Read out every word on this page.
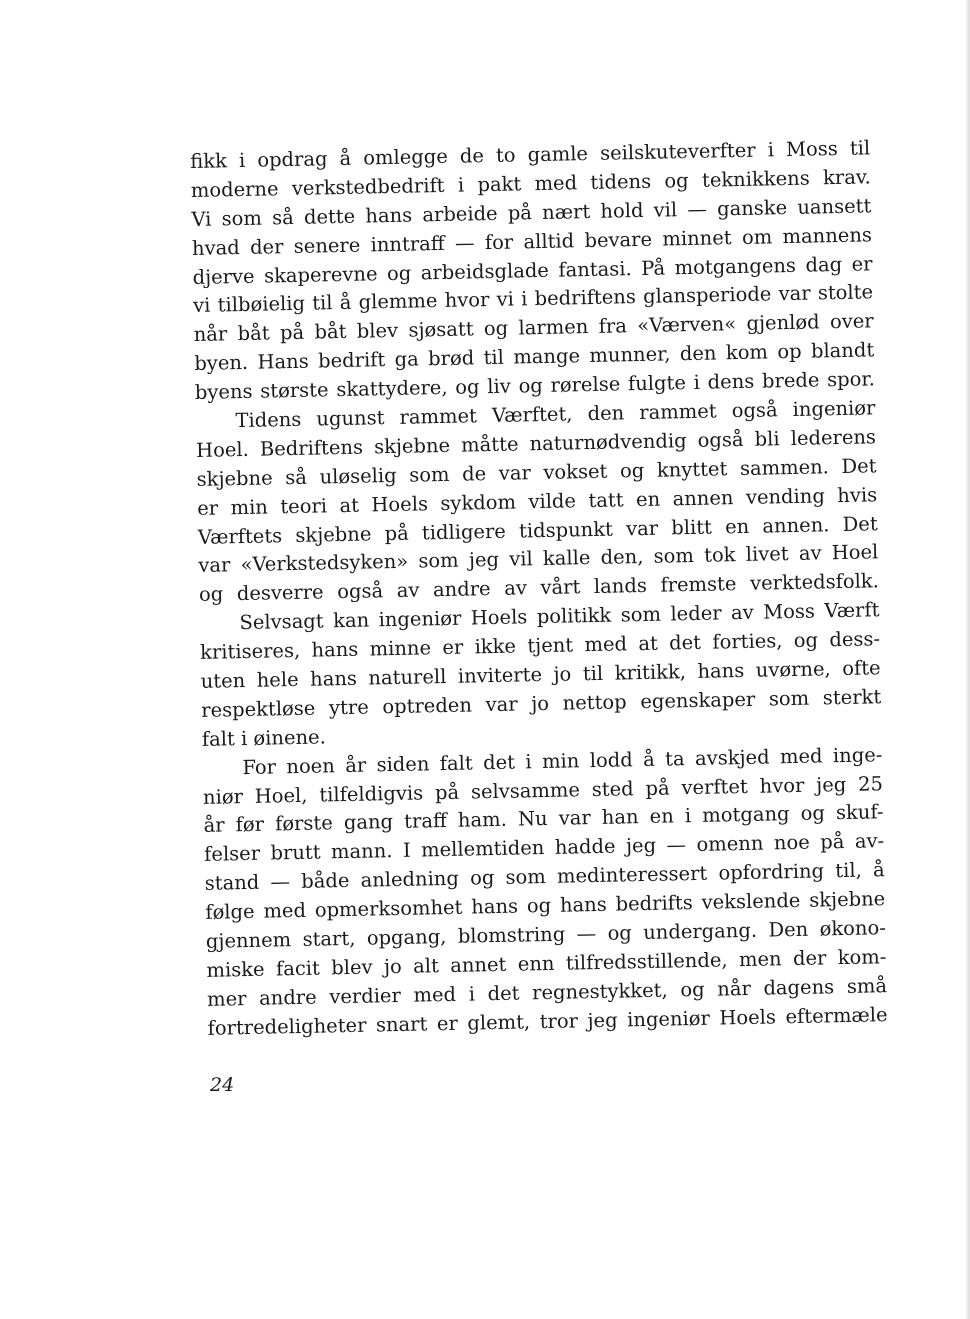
fikk i opdrag å omlegge de to gamle seilskuteverfter i Moss til
moderne verkstedbedrift i pakt med tidens og teknikkens krav.
Vi som så dette hans arbeide på nært hold vil — ganske uansett
hvad der senere inntraff — for alltid bevare minnet om mannens
djerve skaperevne og arbeidsglade fantasi. På motgangens dag er
vi tilbøielig til å glemme hvor vi i bedriftens glansperiode var stolte
når båt på båt blev sjøsatt og larmen fra «Værven« gjenlød over
byen. Hans bedrift ga brød til mange munner, den kom op blandt
byens største skattydere, og liv og rørelse fulgte i dens brede spor.
Tidens ugunst rammet Værftet, den rammet også ingeniør
Hoel. Bedriftens skjebne måtte naturnødvendig også bli lederens
skjebne så uløselig som de var vokset og knyttet sammen. Det
er min teori at Hoels sykdom vilde tatt en annen vending hvis
Værftets skjebne på tidligere tidspunkt var blitt en annen. Det
var «Verkstedsyken» som jeg vil kalle den, som tok livet av Hoel
og desverre også av andre av vårt lands fremste verktedsfolk.
Selvsagt kan ingeniør Hoels politikk som leder av Moss Værft
kritiseres, hans minne er ikke tjent med at det forties, og dess-
uten hele hans naturell inviterte jo til kritikk, hans uvørne, ofte
respektløse ytre optreden var jo nettop egenskaper som sterkt
falt i øinene.
For noen år siden falt det i min lodd å ta avskjed med inge-
niør Hoel, tilfeldigvis på selvsamme sted på verftet hvor jeg 25
år før første gang traff ham. Nu var han en i motgang og skuf-
felser brutt mann. I mellemtiden hadde jeg — omenn noe på av-
stand — både anledning og som medinteressert opfordring til, å
følge med opmerksomhet hans og hans bedrifts vekslende skjebne
gjennem start, opgang, blomstring — og undergang. Den økono-
miske facit blev jo alt annet enn tilfredsstillende, men der kom-
mer andre verdier med i det regnestykket, og når dagens små
fortredeligheter snart er glemt, tror jeg ingeniør Hoels eftermæle
24
